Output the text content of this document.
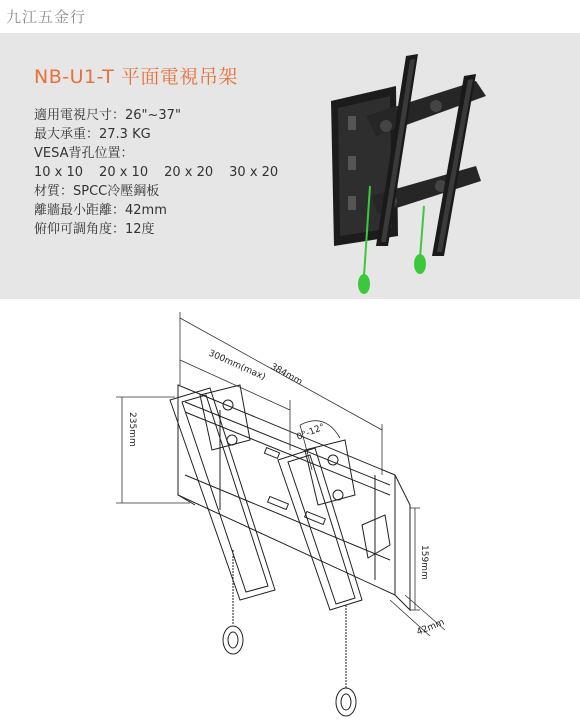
九江五金行
NB-U1-T 平面電視吊架
適用電視尺寸：26"~37"
最大承重：27.3 KG
VESA背孔位置：
10 x 10 20 x 10 20 x 20 30 x 20
材質：SPCC冷壓鋼板
離牆最小距離：42mm
俯仰可調角度：12度
384mm
300mm(max)
235mm	0°-12°
159mm
42mm
